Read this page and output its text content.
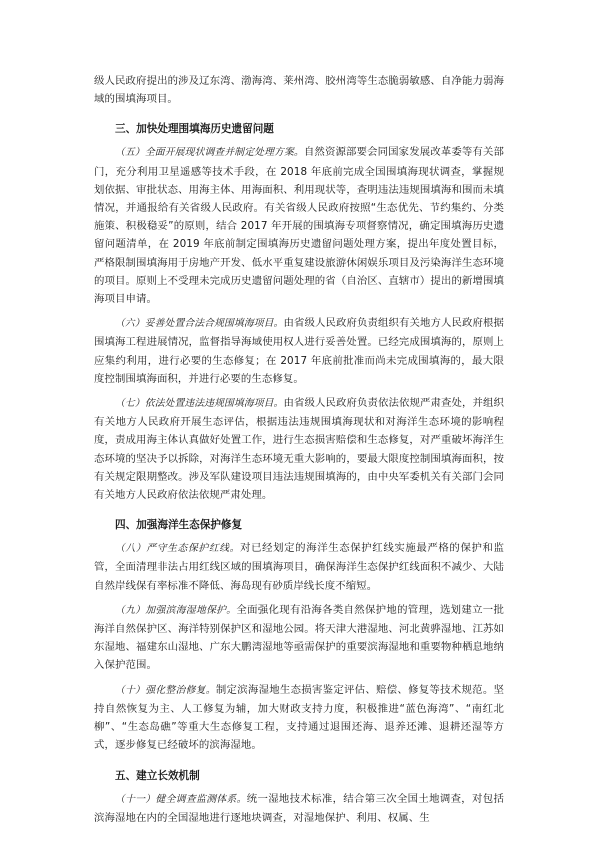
级人民政府提出的涉及辽东湾、渤海湾、莱州湾、胶州湾等生态脆弱敏感、自净能力弱海域的围填海项目。

三、加快处理围填海历史遗留问题

（五）全面开展现状调查并制定处理方案。自然资源部要会同国家发展改革委等有关部门，充分利用卫星遥感等技术手段，在 2018 年底前完成全国围填海现状调查，掌握规划依据、审批状态、用海主体、用海面积、利用现状等，查明违法违规围填海和围而未填情况，并通报给有关省级人民政府。有关省级人民政府按照“生态优先、节约集约、分类施策、积极稳妥”的原则，结合 2017 年开展的围填海专项督察情况，确定围填海历史遗留问题清单，在 2019 年底前制定围填海历史遗留问题处理方案，提出年度处置目标，严格限制围填海用于房地产开发、低水平重复建设旅游休闲娱乐项目及污染海洋生态环境的项目。原则上不受理未完成历史遗留问题处理的省（自治区、直辖市）提出的新增围填海项目申请。

（六）妥善处置合法合规围填海项目。由省级人民政府负责组织有关地方人民政府根据围填海工程进展情况，监督指导海域使用权人进行妥善处置。已经完成围填海的，原则上应集约利用，进行必要的生态修复；在 2017 年底前批准而尚未完成围填海的，最大限度控制围填海面积，并进行必要的生态修复。

（七）依法处置违法违规围填海项目。由省级人民政府负责依法依规严肃查处，并组织有关地方人民政府开展生态评估，根据违法违规围填海现状和对海洋生态环境的影响程度，责成用海主体认真做好处置工作，进行生态损害赔偿和生态修复，对严重破坏海洋生态环境的坚决予以拆除，对海洋生态环境无重大影响的，要最大限度控制围填海面积，按有关规定限期整改。涉及军队建设项目违法违规围填海的，由中央军委机关有关部门会同有关地方人民政府依法依规严肃处理。

四、加强海洋生态保护修复

（八）严守生态保护红线。对已经划定的海洋生态保护红线实施最严格的保护和监管，全面清理非法占用红线区域的围填海项目，确保海洋生态保护红线面积不减少、大陆自然岸线保有率标准不降低、海岛现有砂质岸线长度不缩短。

（九）加强滨海湿地保护。全面强化现有沿海各类自然保护地的管理，选划建立一批海洋自然保护区、海洋特别保护区和湿地公园。将天津大港湿地、河北黄骅湿地、江苏如东湿地、福建东山湿地、广东大鹏湾湿地等亟需保护的重要滨海湿地和重要物种栖息地纳入保护范围。

（十）强化整治修复。制定滨海湿地生态损害鉴定评估、赔偿、修复等技术规范。坚持自然恢复为主、人工修复为辅，加大财政支持力度，积极推进“蓝色海湾”、“南红北柳”、“生态岛礁”等重大生态修复工程，支持通过退围还海、退养还滩、退耕还湿等方式，逐步修复已经破坏的滨海湿地。

五、建立长效机制

（十一）健全调查监测体系。统一湿地技术标准，结合第三次全国土地调查，对包括滨海湿地在内的全国湿地进行逐地块调查，对湿地保护、利用、权属、生
